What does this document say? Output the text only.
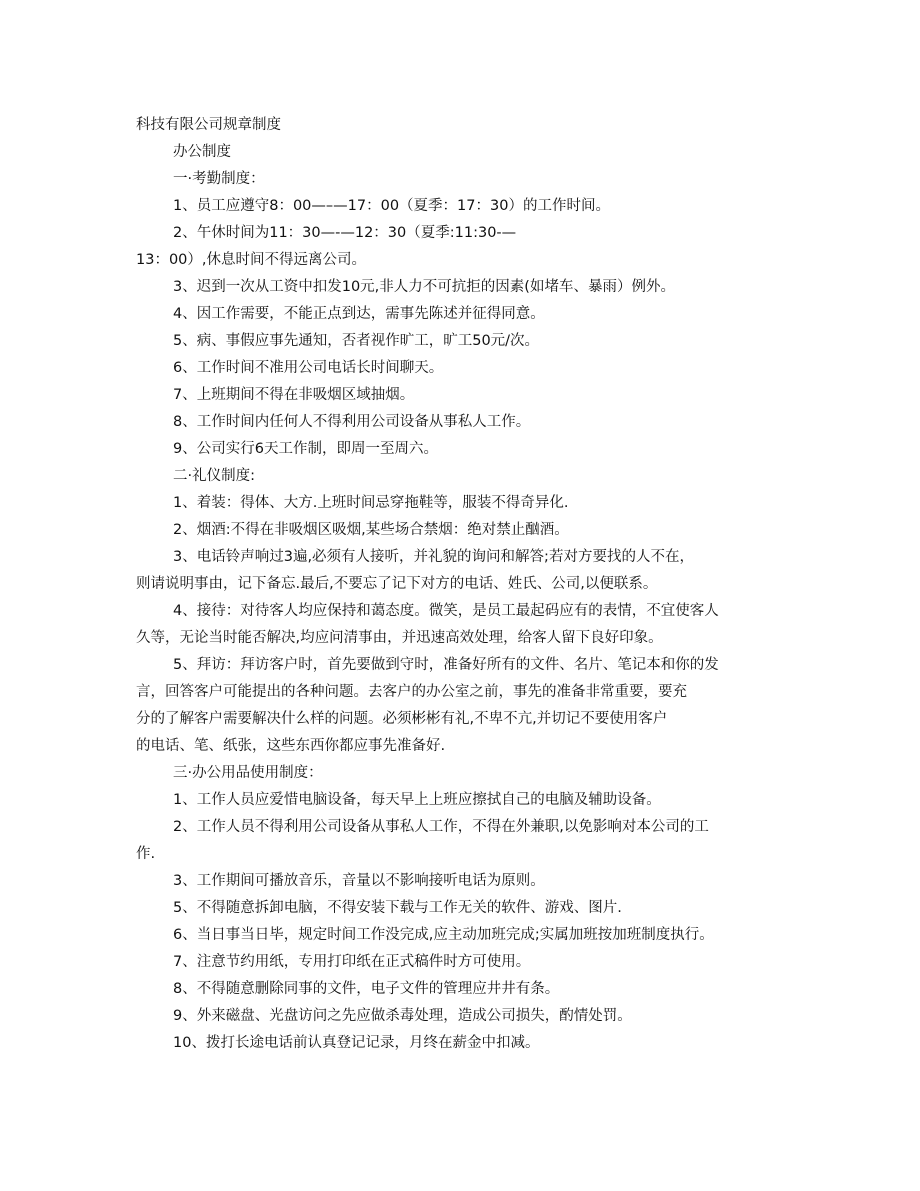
科技有限公司规章制度
办公制度
一·考勤制度：
1、员工应遵守8：00—–—17：00（夏季：17：30）的工作时间。
2、午休时间为11：30—-—12：30（夏季:11:30-—
13：00）,休息时间不得远离公司。
3、迟到一次从工资中扣发10元,非人力不可抗拒的因素(如堵车、暴雨）例外。
4、因工作需要，不能正点到达，需事先陈述并征得同意。
5、病、事假应事先通知，否者视作旷工，旷工50元/次。
6、工作时间不准用公司电话长时间聊天。
7、上班期间不得在非吸烟区域抽烟。
8、工作时间内任何人不得利用公司设备从事私人工作。
9、公司实行6天工作制，即周一至周六。
二·礼仪制度:
1、着装：得体、大方.上班时间忌穿拖鞋等，服装不得奇异化.
2、烟酒:不得在非吸烟区吸烟,某些场合禁烟：绝对禁止酗酒。
3、电话铃声响过3遍,必须有人接听，并礼貌的询问和解答;若对方要找的人不在，
则请说明事由，记下备忘.最后,不要忘了记下对方的电话、姓氏、公司,以便联系。
4、接待：对待客人均应保持和蔼态度。微笑，是员工最起码应有的表情，不宜使客人
久等，无论当时能否解决,均应问清事由，并迅速高效处理，给客人留下良好印象。
5、拜访：拜访客户时，首先要做到守时，准备好所有的文件、名片、笔记本和你的发
言，回答客户可能提出的各种问题。去客户的办公室之前，事先的准备非常重要，要充
分的了解客户需要解决什么样的问题。必须彬彬有礼,不卑不亢,并切记不要使用客户
的电话、笔、纸张，这些东西你都应事先准备好.
三·办公用品使用制度：
1、工作人员应爱惜电脑设备，每天早上上班应擦拭自己的电脑及辅助设备。
2、工作人员不得利用公司设备从事私人工作，不得在外兼职,以免影响对本公司的工
作.
3、工作期间可播放音乐，音量以不影响接听电话为原则。
5、不得随意拆卸电脑，不得安装下载与工作无关的软件、游戏、图片.
6、当日事当日毕，规定时间工作没完成,应主动加班完成;实属加班按加班制度执行。
7、注意节约用纸，专用打印纸在正式稿件时方可使用。
8、不得随意删除同事的文件，电子文件的管理应井井有条。
9、外来磁盘、光盘访问之先应做杀毒处理，造成公司损失，酌情处罚。
10、拨打长途电话前认真登记记录，月终在薪金中扣减。
